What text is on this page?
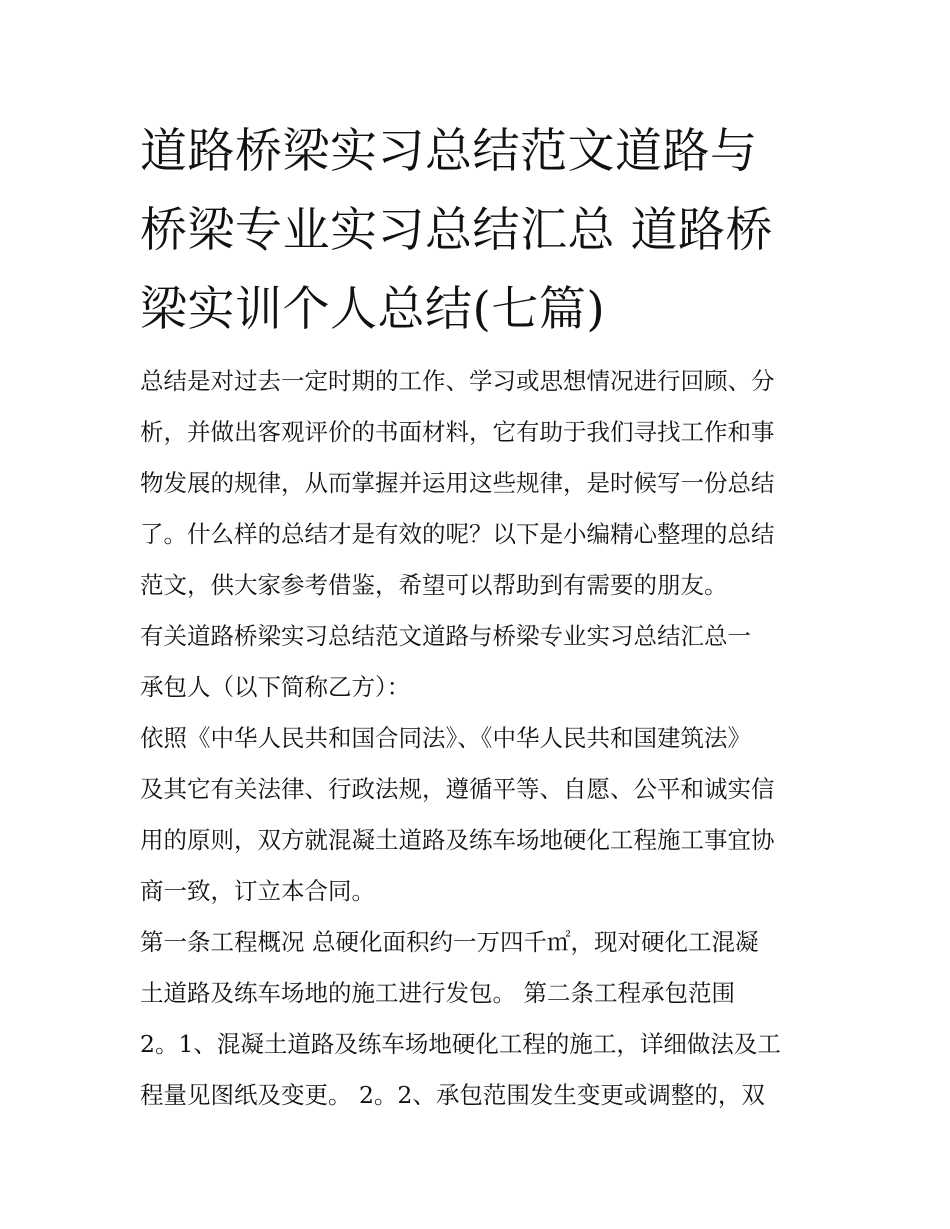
道路桥梁实习总结范文道路与
桥梁专业实习总结汇总 道路桥
梁实训个人总结(七篇)
总结是对过去一定时期的工作、学习或思想情况进行回顾、分
析，并做出客观评价的书面材料，它有助于我们寻找工作和事
物发展的规律，从而掌握并运用这些规律，是时候写一份总结
了。什么样的总结才是有效的呢？以下是小编精心整理的总结
范文，供大家参考借鉴，希望可以帮助到有需要的朋友。
有关道路桥梁实习总结范文道路与桥梁专业实习总结汇总一
承包人（以下简称乙方）：
依照《中华人民共和国合同法》、《中华人民共和国建筑法》
及其它有关法律、行政法规，遵循平等、自愿、公平和诚实信
用的原则，双方就混凝土道路及练车场地硬化工程施工事宜协
商一致，订立本合同。
第一条工程概况 总硬化面积约一万四千㎡，现对硬化工混凝
土道路及练车场地的施工进行发包。 第二条工程承包范围
2。1、混凝土道路及练车场地硬化工程的施工，详细做法及工
程量见图纸及变更。 2。2、承包范围发生变更或调整的，双
